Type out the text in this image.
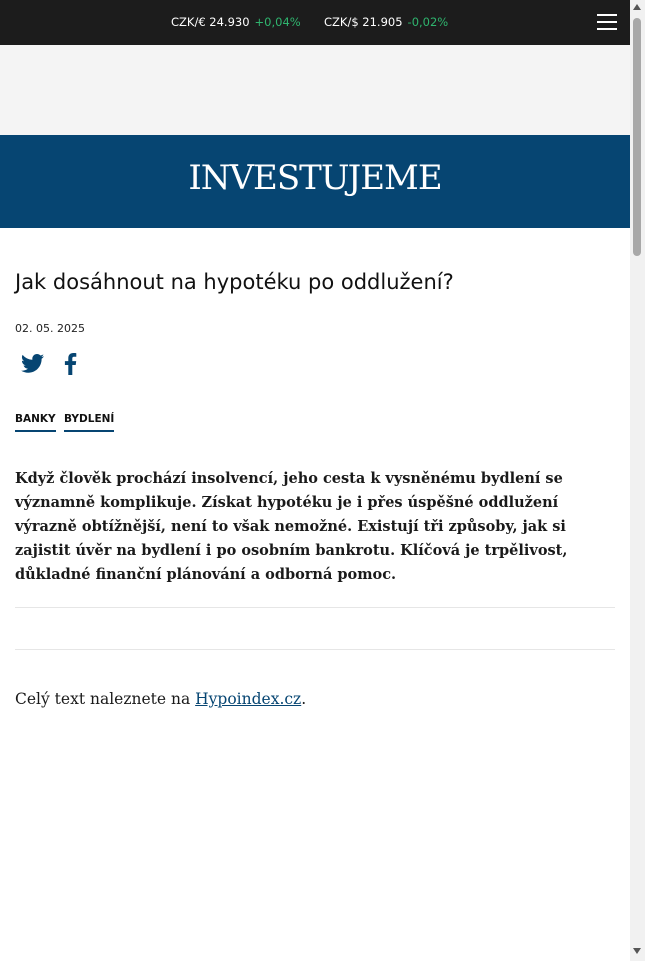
CZK/€ 24.930 +0,04% CZK/$ 21.905 -0,02%
INVESTUJEME
Jak dosáhnout na hypotéku po oddlužení?
02. 05. 2025
BANKY BYDLENÍ

Když člověk prochází insolvencí, jeho cesta k vysněnému bydlení se významně komplikuje. Získat hypotéku je i přes úspěšné oddlužení výrazně obtížnější, není to však nemožné. Existují tři způsoby, jak si zajistit úvěr na bydlení i po osobním bankrotu. Klíčová je trpělivost, důkladné finanční plánování a odborná pomoc.

Celý text naleznete na Hypoindex.cz.
